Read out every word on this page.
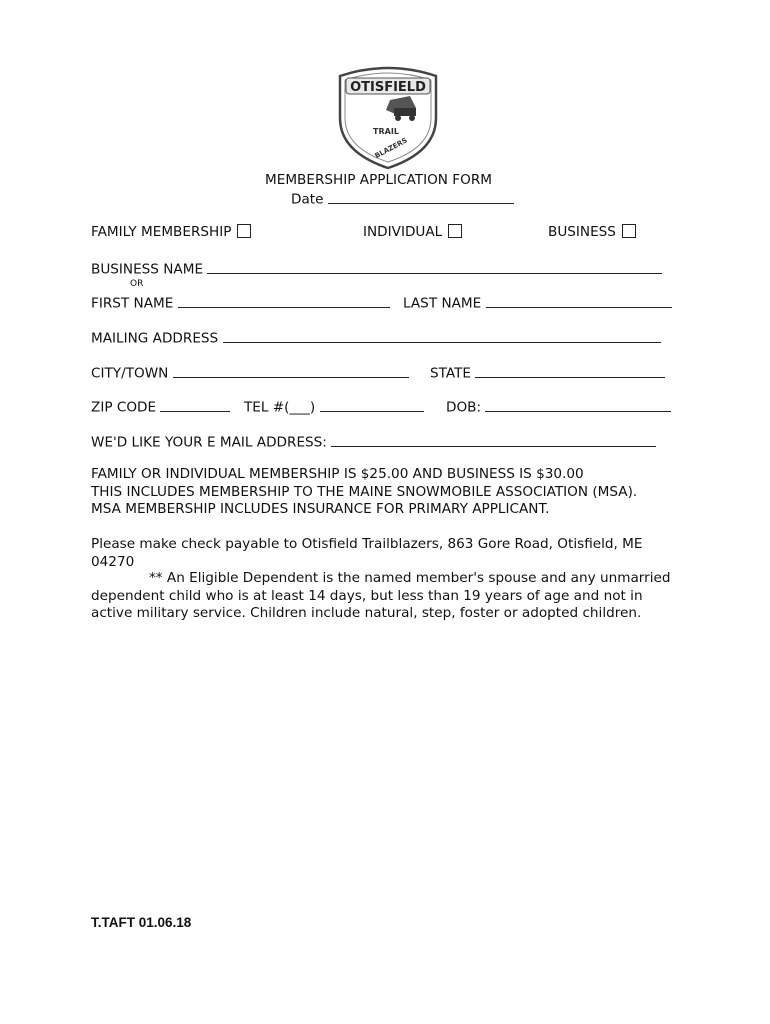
OTISFIELD
TRAIL
BLAZERS
MEMBERSHIP APPLICATION FORM
Date
FAMILY MEMBERSHIP	INDIVIDUAL	BUSINESS
BUSINESS NAME
OR
FIRST NAME	LAST NAME
MAILING ADDRESS
CITY/TOWN	STATE
ZIP CODE	TEL #(___)	DOB:
WE'D LIKE YOUR E MAIL ADDRESS:
FAMILY OR INDIVIDUAL MEMBERSHIP IS $25.00 AND BUSINESS IS $30.00
THIS INCLUDES MEMBERSHIP TO THE MAINE SNOWMOBILE ASSOCIATION (MSA).
MSA MEMBERSHIP INCLUDES INSURANCE FOR PRIMARY APPLICANT.
Please make check payable to Otisfield Trailblazers, 863 Gore Road, Otisfield, ME 04270
** An Eligible Dependent is the named member's spouse and any unmarried dependent child who is at least 14 days, but less than 19 years of age and not in active military service. Children include natural, step, foster or adopted children.
T.TAFT 01.06.18
